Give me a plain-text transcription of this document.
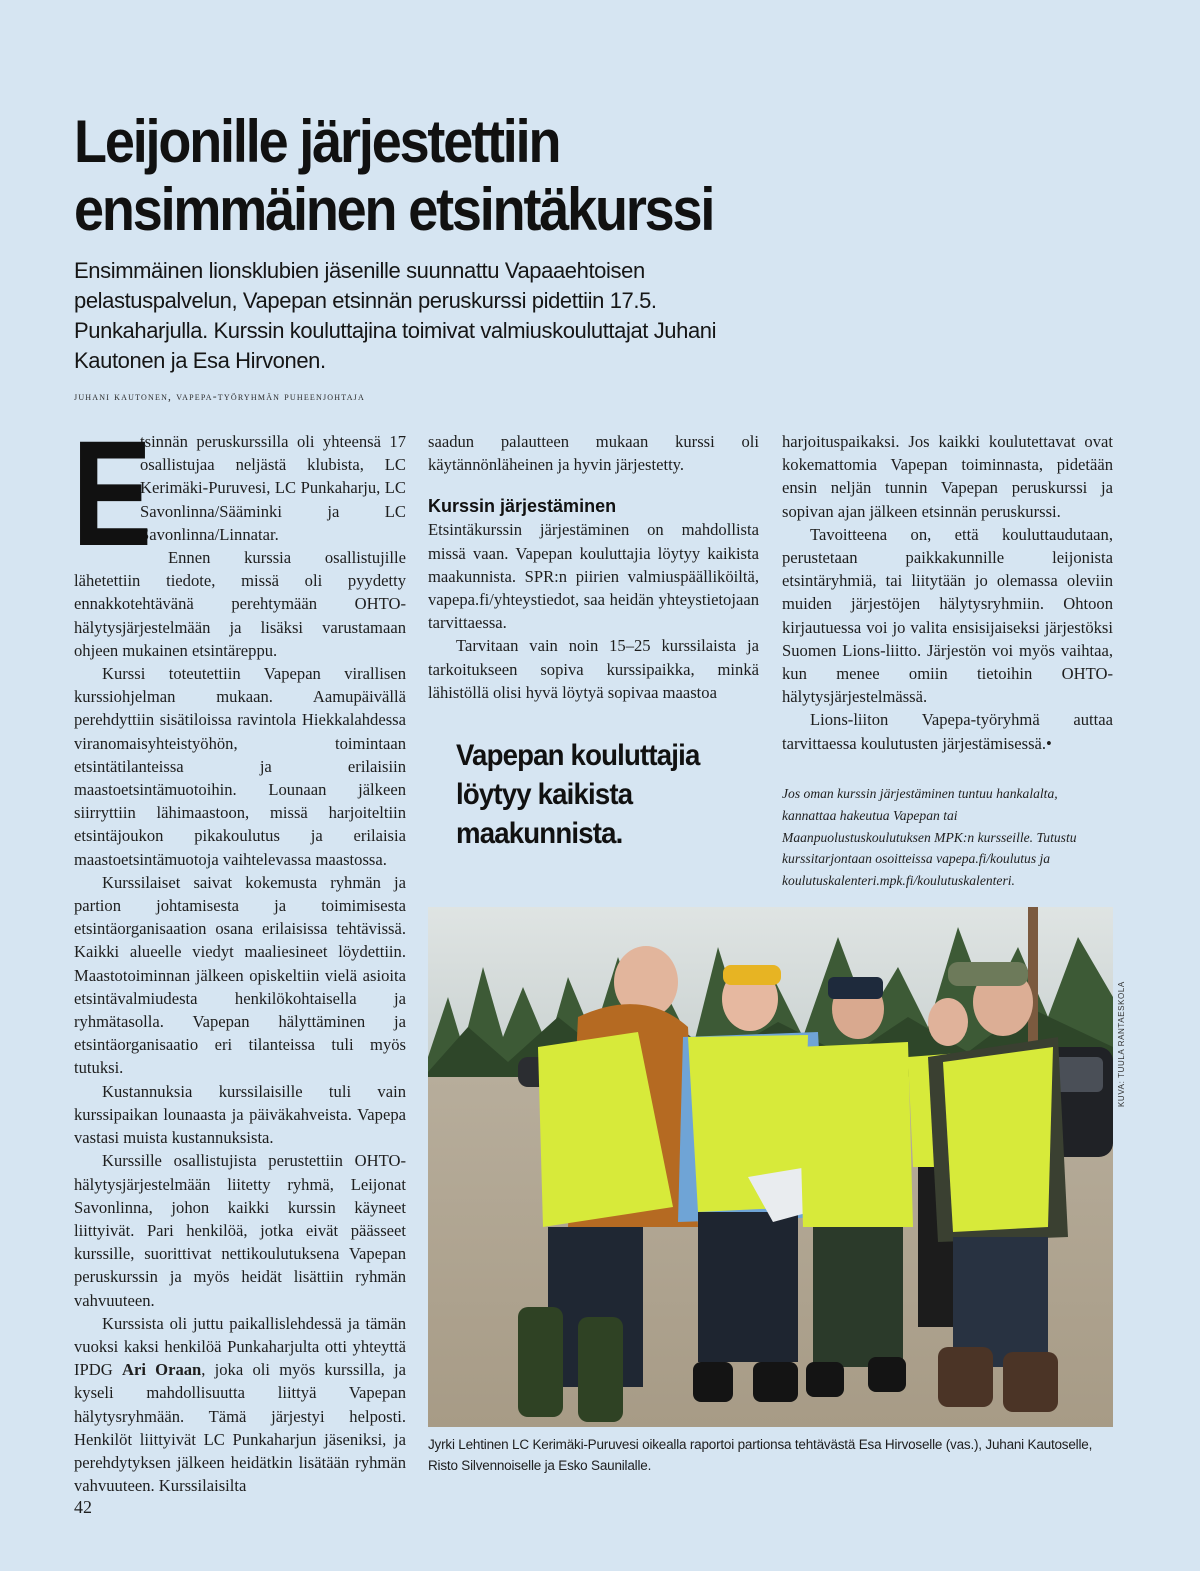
Leijonille järjestettiin ensimmäinen etsintäkurssi

Ensimmäinen lionsklubien jäsenille suunnattu Vapaaehtoisen pelastuspalvelun, Vapepan etsinnän peruskurssi pidettiin 17.5. Punkaharjulla. Kurssin kouluttajina toimivat valmiuskouluttajat Juhani Kautonen ja Esa Hirvonen.

juhani kautonen, vapepa-työryhmän puheenjohtaja

E
tsinnän peruskurssilla oli yhteensä 17 osallistujaa neljästä klubista, LC Kerimäki-Puruvesi, LC Punkaharju, LC Savonlinna/Sääminki ja LC Savonlinna/Linnatar.

Ennen kurssia osallistujille lähetettiin tiedote, missä oli pyydetty ennakkotehtävänä perehtymään OHTO-hälytysjärjestelmään ja lisäksi varustamaan ohjeen mukainen etsintäreppu.

Kurssi toteutettiin Vapepan virallisen kurssiohjelman mukaan. Aamupäivällä perehdyttiin sisätiloissa ravintola Hiekkalahdessa viranomaisyhteistyöhön, toimintaan etsintätilanteissa ja erilaisiin maastoetsintämuotoihin. Lounaan jälkeen siirryttiin lähimaastoon, missä harjoiteltiin etsintäjoukon pikakoulutus ja erilaisia maastoetsintämuotoja vaihtelevassa maastossa.

Kurssilaiset saivat kokemusta ryhmän ja partion johtamisesta ja toimimisesta etsintäorganisaation osana erilaisissa tehtävissä. Kaikki alueelle viedyt maaliesineet löydettiin. Maastotoiminnan jälkeen opiskeltiin vielä asioita etsintävalmiudesta henkilökohtaisella ja ryhmätasolla. Vapepan hälyttäminen ja etsintäorganisaatio eri tilanteissa tuli myös tutuksi.

Kustannuksia kurssilaisille tuli vain kurssipaikan lounaasta ja päiväkahveista. Vapepa vastasi muista kustannuksista.

Kurssille osallistujista perustettiin OHTO-hälytysjärjestelmään liitetty ryhmä, Leijonat Savonlinna, johon kaikki kurssin käyneet liittyivät. Pari henkilöä, jotka eivät päässeet kurssille, suorittivat nettikoulutuksena Vapepan peruskurssin ja myös heidät lisättiin ryhmän vahvuuteen.

Kurssista oli juttu paikallislehdessä ja tämän vuoksi kaksi henkilöä Punkaharjulta otti yhteyttä IPDG Ari Oraan, joka oli myös kurssilla, ja kyseli mahdollisuutta liittyä Vapepan hälytysryhmään. Tämä järjestyi helposti. Henkilöt liittyivät LC Punkaharjun jäseniksi, ja perehdytyksen jälkeen heidätkin lisätään ryhmän vahvuuteen. Kurssilaisilta

saadun palautteen mukaan kurssi oli käytännönläheinen ja hyvin järjestetty.

Kurssin järjestäminen

Etsintäkurssin järjestäminen on mahdollista missä vaan. Vapepan kouluttajia löytyy kaikista maakunnista. SPR:n piirien valmiuspäälliköiltä, vapepa.fi/yhteystiedot, saa heidän yhteystietojaan tarvittaessa.

Tarvitaan vain noin 15–25 kurssilaista ja tarkoitukseen sopiva kurssipaikka, minkä lähistöllä olisi hyvä löytyä sopivaa maastoa

Vapepan kouluttajia löytyy kaikista maakunnista.

harjoituspaikaksi. Jos kaikki koulutettavat ovat kokemattomia Vapepan toiminnasta, pidetään ensin neljän tunnin Vapepan peruskurssi ja sopivan ajan jälkeen etsinnän peruskurssi.

Tavoitteena on, että kouluttaudutaan, perustetaan paikkakunnille leijonista etsintäryhmiä, tai liitytään jo olemassa oleviin muiden järjestöjen hälytysryhmiin. Ohtoon kirjautuessa voi jo valita ensisijaiseksi järjestöksi Suomen Lions-liitto. Järjestön voi myös vaihtaa, kun menee omiin tietoihin OHTO-hälytysjärjestelmässä.

Lions-liiton Vapepa-työryhmä auttaa tarvittaessa koulutusten järjestämisessä.•

Jos oman kurssin järjestäminen tuntuu hankalalta, kannattaa hakeutua Vapepan tai Maanpuolustuskoulutuksen MPK:n kursseille. Tutustu kurssitarjontaan osoitteissa vapepa.fi/koulutus ja koulutuskalenteri.mpk.fi/koulutuskalenteri.

KUVA: TUULA RANTAESKOLA

Jyrki Lehtinen LC Kerimäki-Puruvesi oikealla raportoi partionsa tehtävästä Esa Hirvoselle (vas.), Juhani Kautoselle, Risto Silvennoiselle ja Esko Saunilalle.

42
